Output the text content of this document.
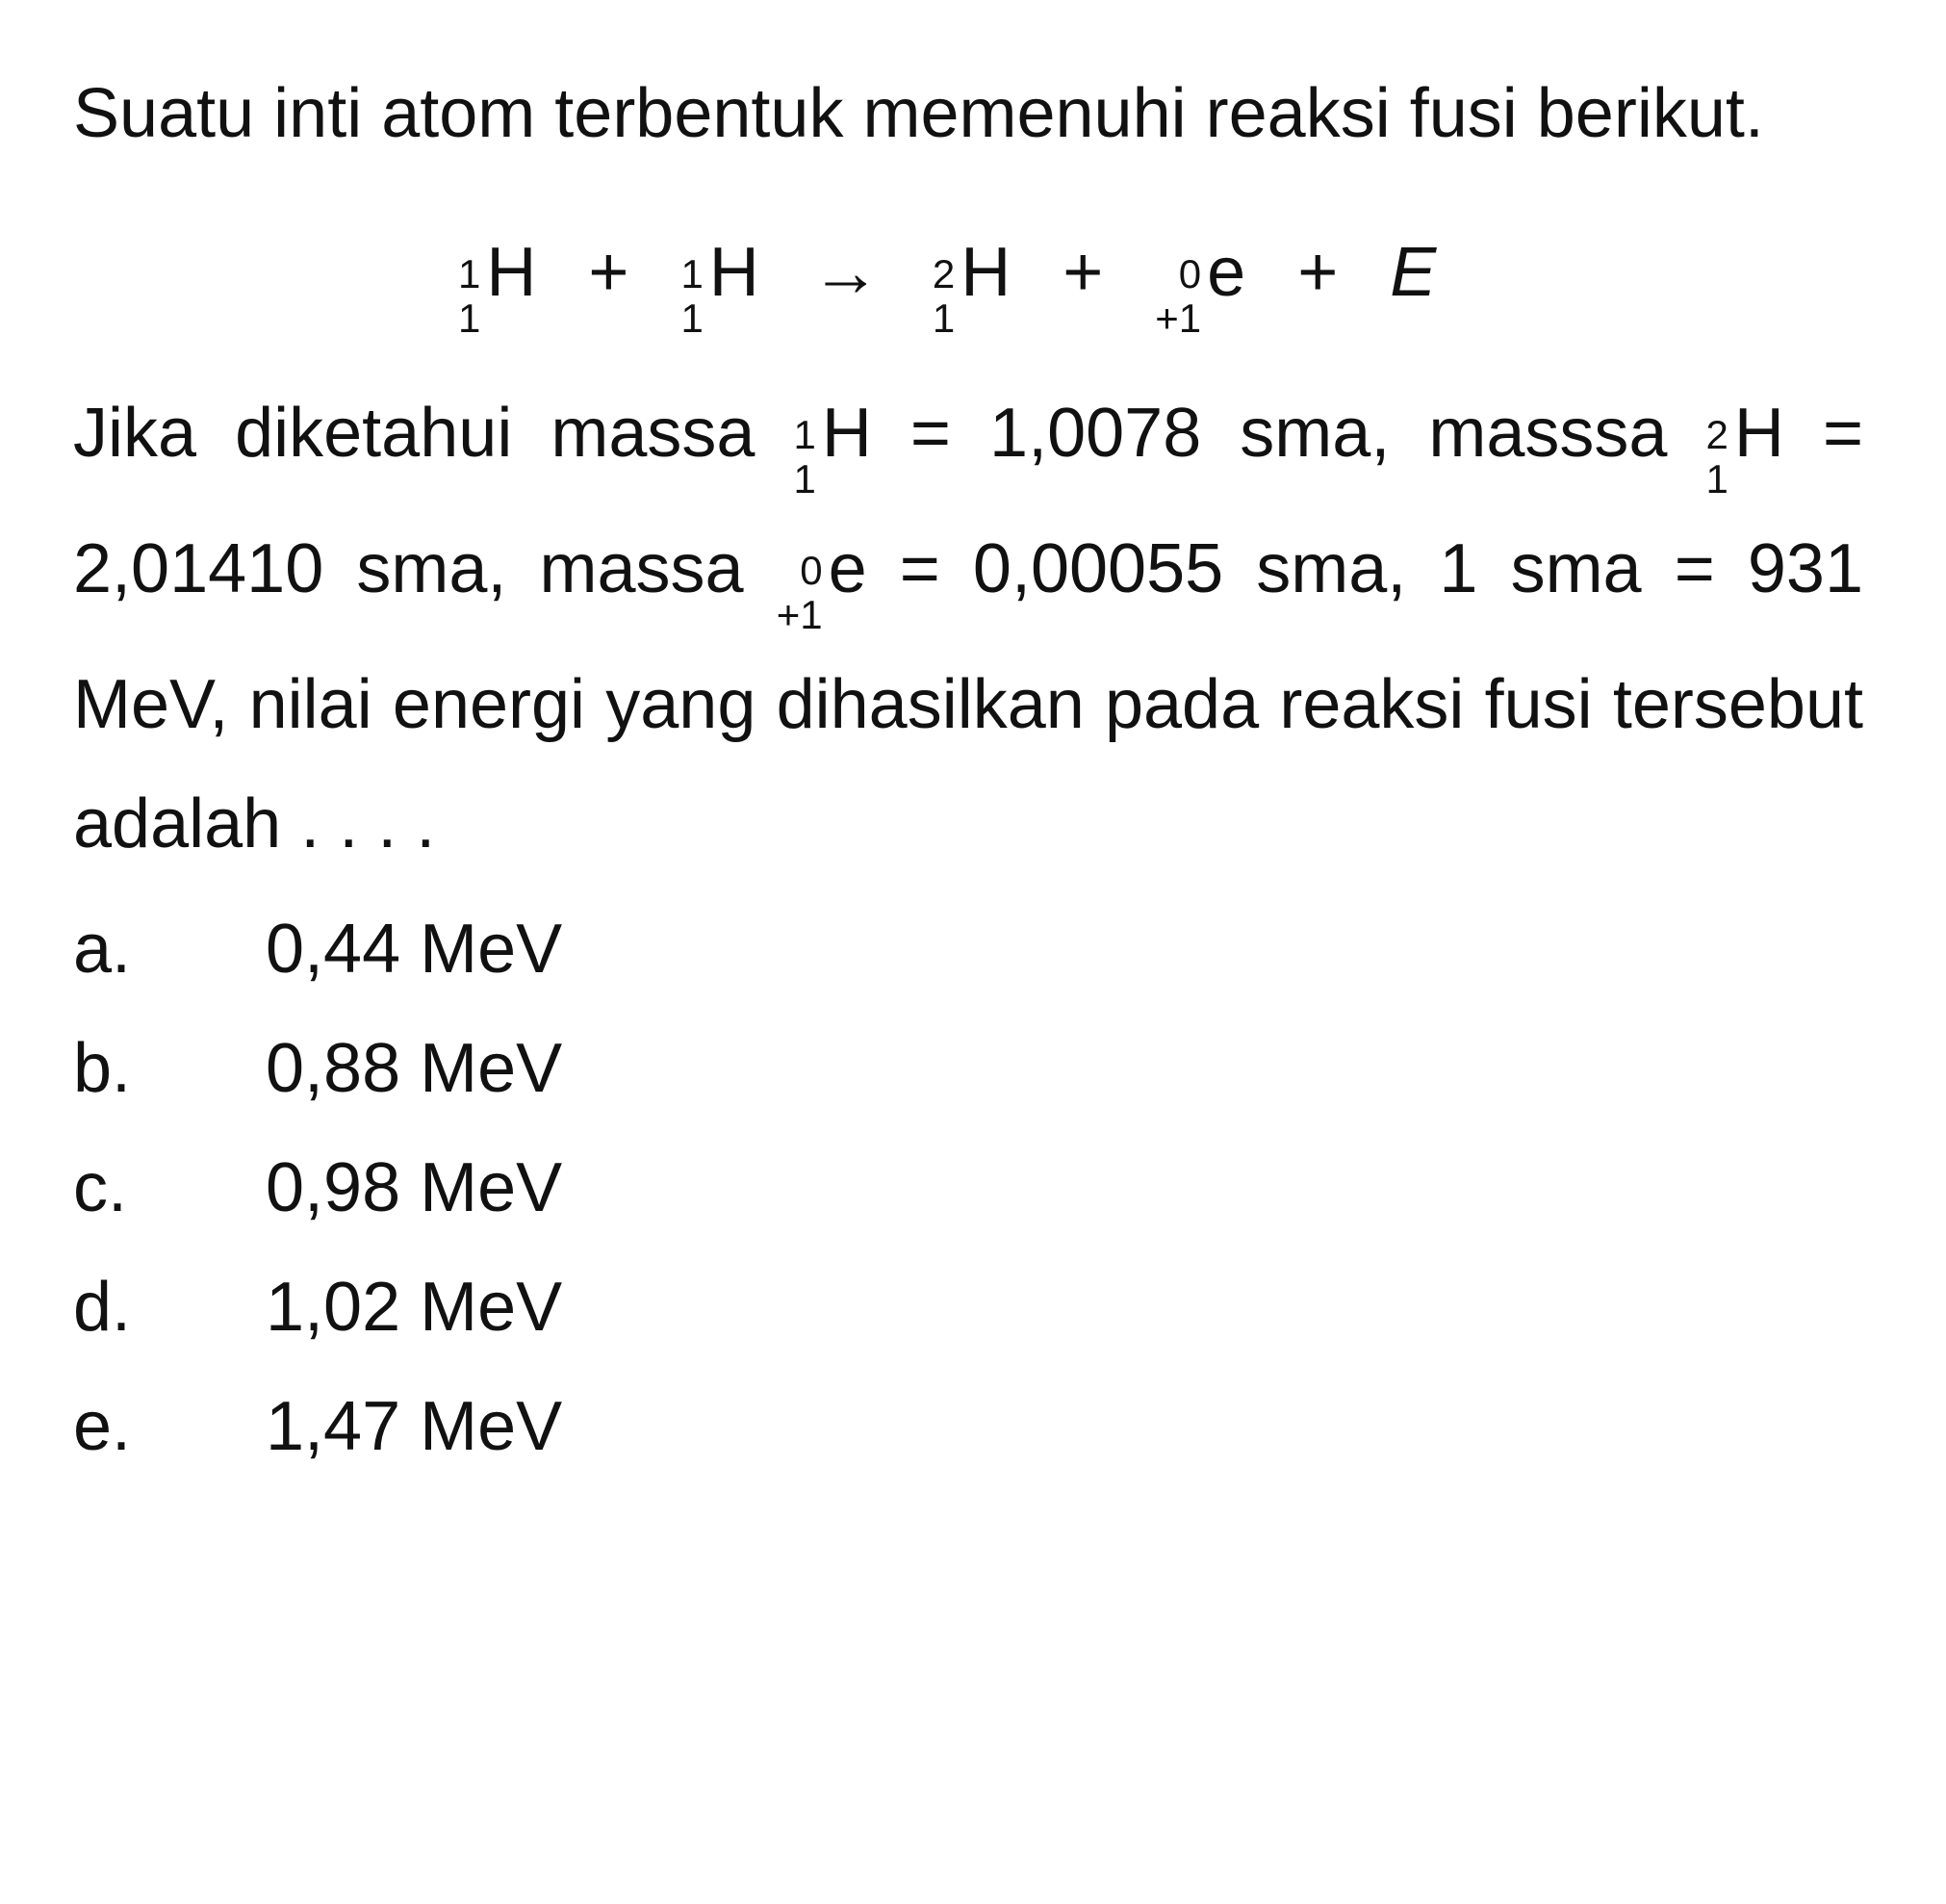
Suatu inti atom terbentuk memenuhi reaksi fusi berikut.

1
1
H + 1
1
H → 2
1
H + 0
+1
e + E

Jika diketahui massa 1
1
H = 1,0078 sma, masssa 2
1
H = 2,01410 sma, massa 0
+1
e = 0,00055 sma, 1 sma = 931 MeV, nilai energi yang dihasilkan pada reaksi fusi tersebut adalah . . . .

a.	0,44 MeV
b.	0,88 MeV
c.	0,98 MeV
d.	1,02 MeV
e.	1,47 MeV
